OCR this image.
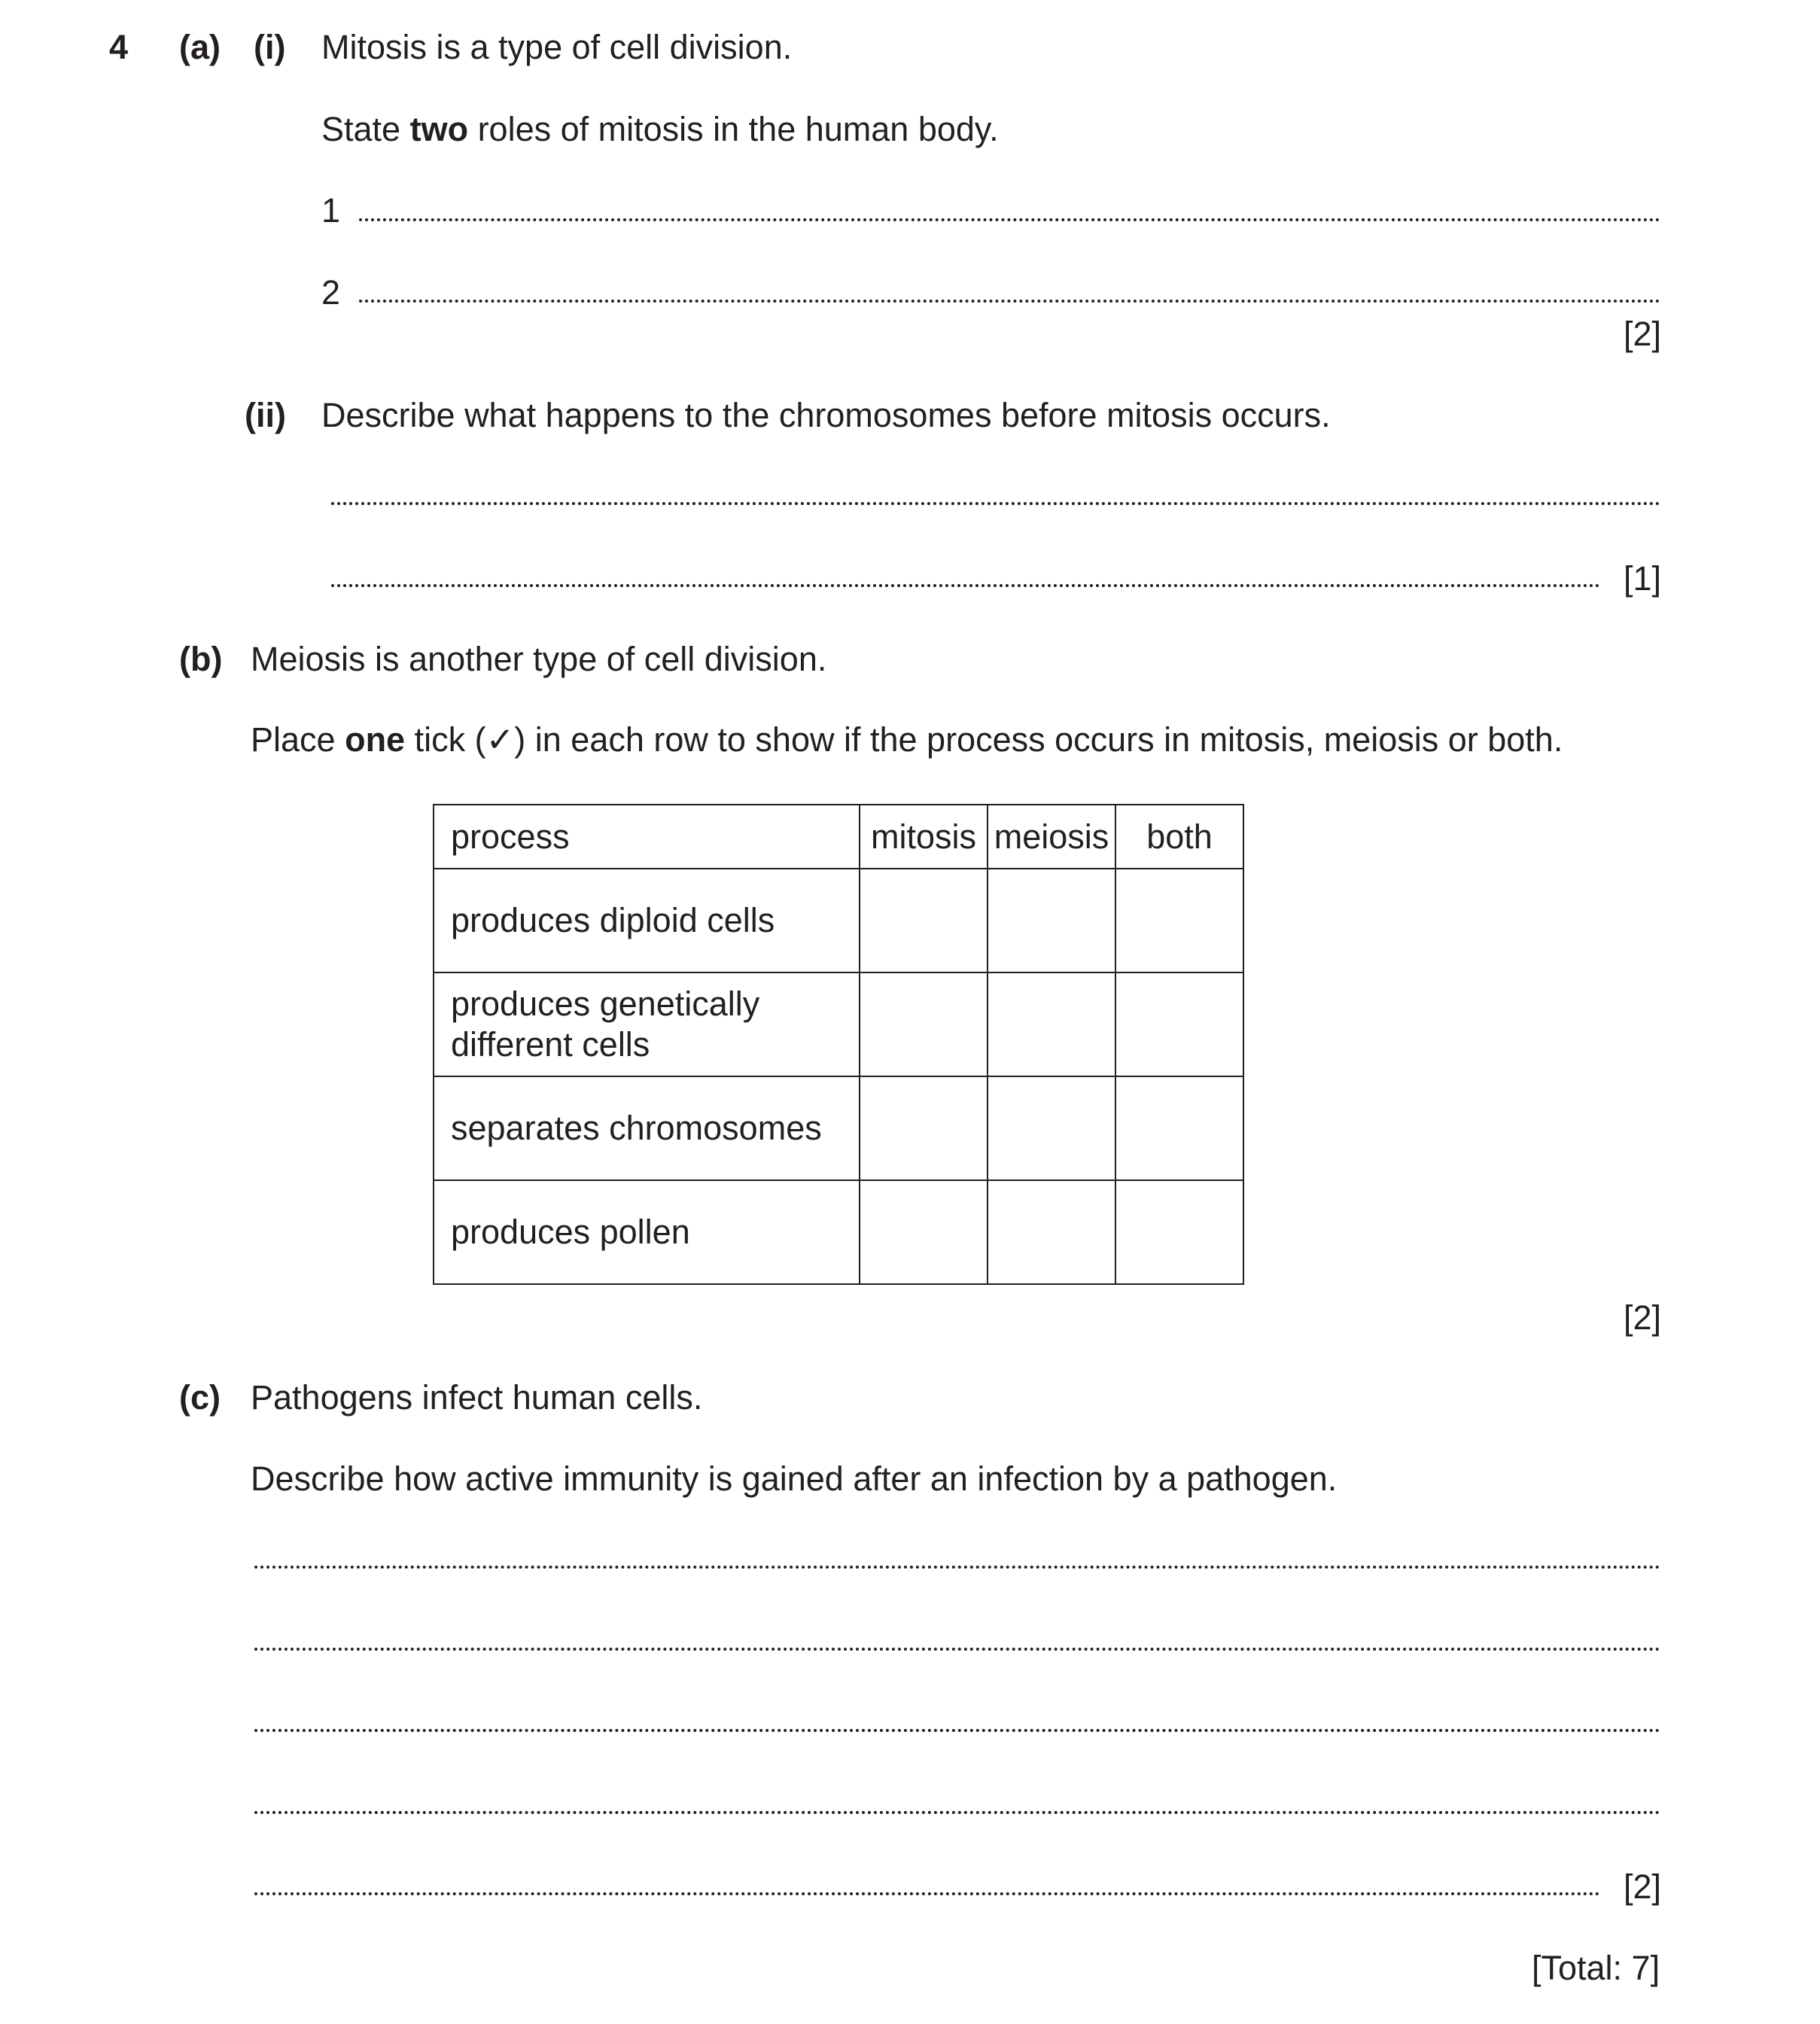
4 (a) (i) Mitosis is a type of cell division.
State two roles of mitosis in the human body.
1
2
[2]
(ii) Describe what happens to the chromosomes before mitosis occurs.
[1]
(b) Meiosis is another type of cell division.
Place one tick (✓) in each row to show if the process occurs in mitosis, meiosis or both.
process	mitosis	meiosis	both
produces diploid cells			
produces genetically
different cells			
separates chromosomes			
produces pollen			
[2]
(c) Pathogens infect human cells.
Describe how active immunity is gained after an infection by a pathogen.
[2]
[Total: 7]
